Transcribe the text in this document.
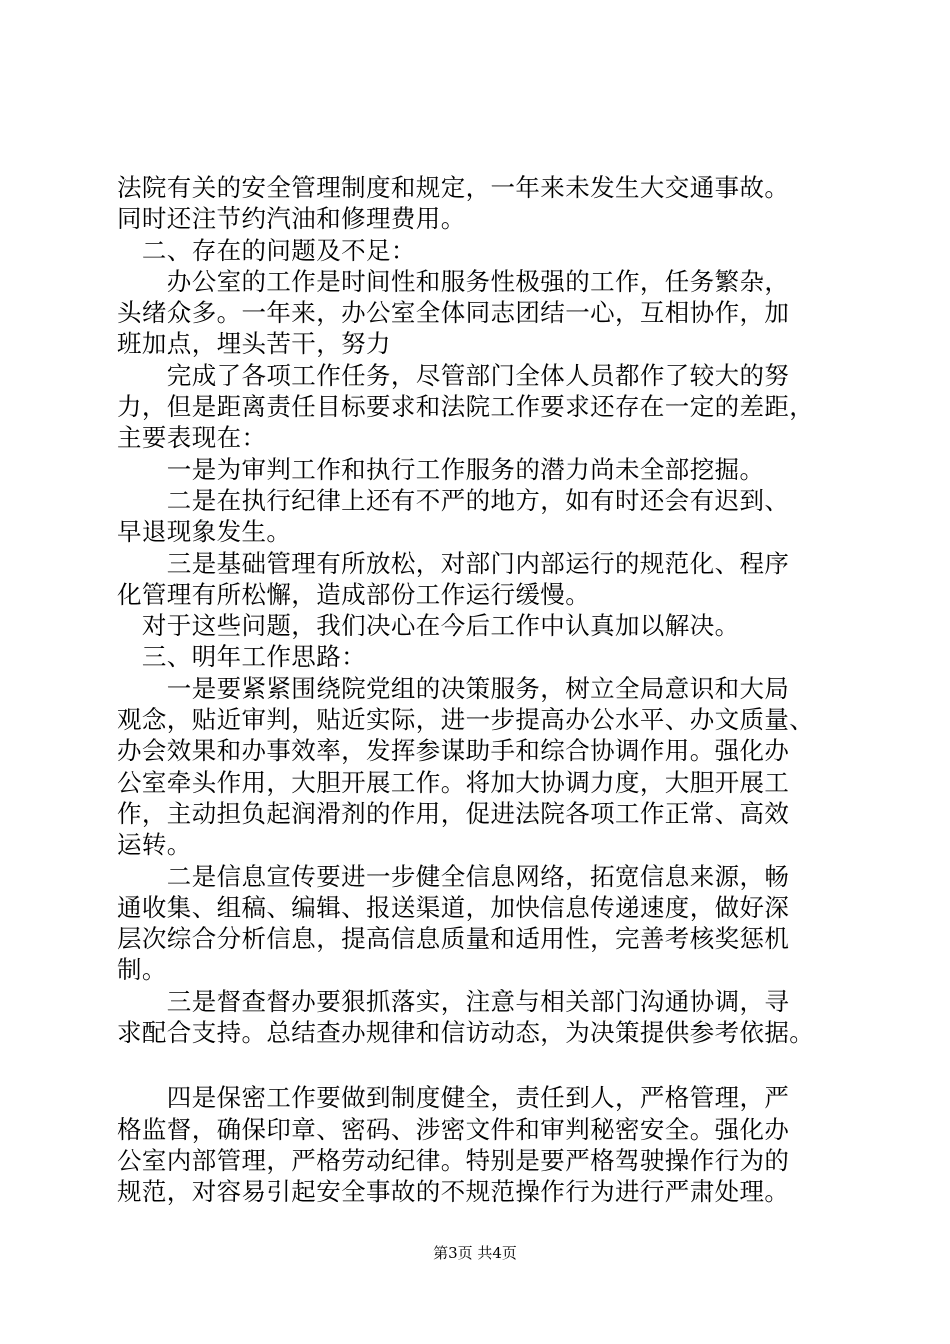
法院有关的安全管理制度和规定，一年来未发生大交通事故。
同时还注节约汽油和修理费用。
　二、存在的问题及不足：
　　办公室的工作是时间性和服务性极强的工作，任务繁杂，
头绪众多。一年来，办公室全体同志团结一心，互相协作，加
班加点，埋头苦干，努力
　　完成了各项工作任务，尽管部门全体人员都作了较大的努
力，但是距离责任目标要求和法院工作要求还存在一定的差距，
主要表现在：
　　一是为审判工作和执行工作服务的潜力尚未全部挖掘。
　　二是在执行纪律上还有不严的地方，如有时还会有迟到、
早退现象发生。
　　三是基础管理有所放松，对部门内部运行的规范化、程序
化管理有所松懈，造成部份工作运行缓慢。
　对于这些问题，我们决心在今后工作中认真加以解决。
　三、明年工作思路：
　　一是要紧紧围绕院党组的决策服务，树立全局意识和大局
观念，贴近审判，贴近实际，进一步提高办公水平、办文质量、
办会效果和办事效率，发挥参谋助手和综合协调作用。强化办
公室牵头作用，大胆开展工作。将加大协调力度，大胆开展工
作，主动担负起润滑剂的作用，促进法院各项工作正常、高效
运转。
　　二是信息宣传要进一步健全信息网络，拓宽信息来源，畅
通收集、组稿、编辑、报送渠道，加快信息传递速度，做好深
层次综合分析信息，提高信息质量和适用性，完善考核奖惩机
制。
　　三是督查督办要狠抓落实，注意与相关部门沟通协调，寻
求配合支持。总结查办规律和信访动态，为决策提供参考依据。
　　四是保密工作要做到制度健全，责任到人，严格管理，严
格监督，确保印章、密码、涉密文件和审判秘密安全。强化办
公室内部管理，严格劳动纪律。特别是要严格驾驶操作行为的
规范，对容易引起安全事故的不规范操作行为进行严肃处理。
第3页 共4页
